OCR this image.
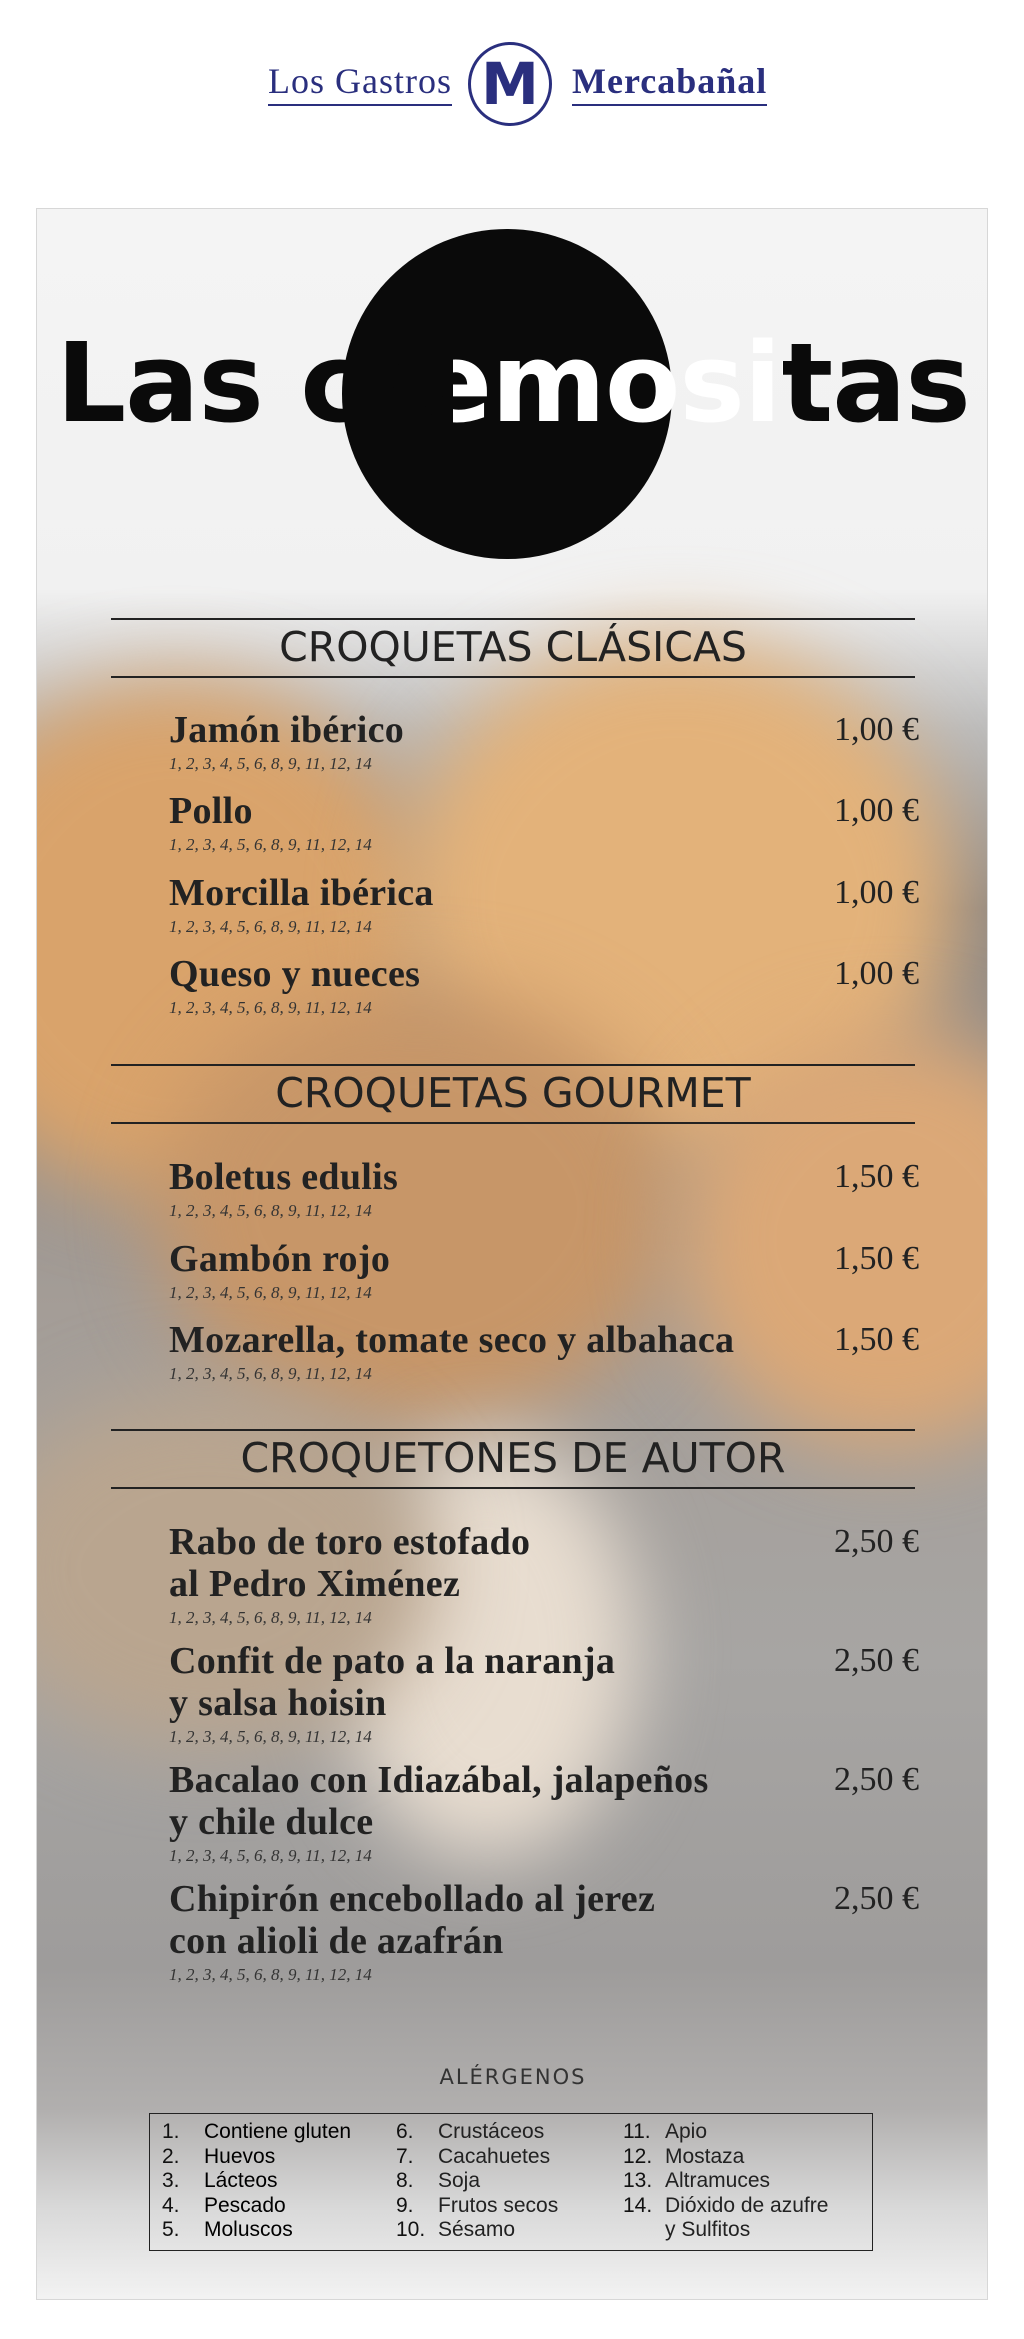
Los Gastros M Mercabañal
Las cremositas
CROQUETAS CLÁSICAS
Jamón ibérico
1, 2, 3, 4, 5, 6, 8, 9, 11, 12, 14
1,00 €
Pollo
1, 2, 3, 4, 5, 6, 8, 9, 11, 12, 14
1,00 €
Morcilla ibérica
1, 2, 3, 4, 5, 6, 8, 9, 11, 12, 14
1,00 €
Queso y nueces
1, 2, 3, 4, 5, 6, 8, 9, 11, 12, 14
1,00 €
CROQUETAS GOURMET
Boletus edulis
1, 2, 3, 4, 5, 6, 8, 9, 11, 12, 14
1,50 €
Gambón rojo
1, 2, 3, 4, 5, 6, 8, 9, 11, 12, 14
1,50 €
Mozarella, tomate seco y albahaca
1, 2, 3, 4, 5, 6, 8, 9, 11, 12, 14
1,50 €
CROQUETONES DE AUTOR
Rabo de toro estofado
al Pedro Ximénez
1, 2, 3, 4, 5, 6, 8, 9, 11, 12, 14
2,50 €
Confit de pato a la naranja
y salsa hoisin
1, 2, 3, 4, 5, 6, 8, 9, 11, 12, 14
2,50 €
Bacalao con Idiazábal, jalapeños
y chile dulce
1, 2, 3, 4, 5, 6, 8, 9, 11, 12, 14
2,50 €
Chipirón encebollado al jerez
con alioli de azafrán
1, 2, 3, 4, 5, 6, 8, 9, 11, 12, 14
2,50 €
ALÉRGENOS
1. Contiene gluten
2. Huevos
3. Lácteos
4. Pescado
5. Moluscos
6. Crustáceos
7. Cacahuetes
8. Soja
9. Frutos secos
10. Sésamo
11. Apio
12. Mostaza
13. Altramuces
14. Dióxido de azufre
y Sulfitos
